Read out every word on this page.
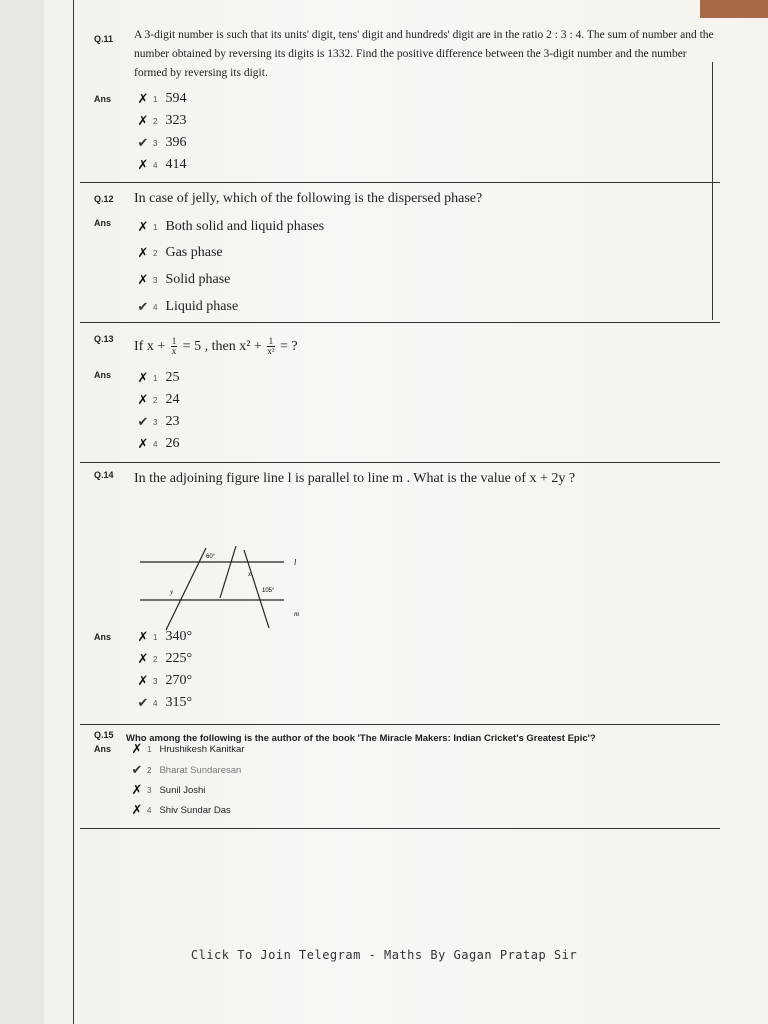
Q.11 A 3-digit number is such that its units' digit, tens' digit and hundreds' digit are in the ratio 2 : 3 : 4. The sum of number and the number obtained by reversing its digits is 1332. Find the positive difference between the 3-digit number and the number formed by reversing its digit.
Ans ✗ 1 594
✗ 2 323
✔ 3 396
✗ 4 414
Q.12 In case of jelly, which of the following is the dispersed phase?
Ans ✗ 1 Both solid and liquid phases
✗ 2 Gas phase
✗ 3 Solid phase
✔ 4 Liquid phase
Q.13 If $x + \frac{1}{x} = 5$ , then $x^2 + \frac{1}{\text{x²}}$ = ?
Ans ✗ 1 25
✗ 2 24
✔ 3 23
✗ 4 26
Q.14 In the adjoining figure line l is parallel to line m . What is the value of x + 2y ?
60°
105°
x
y
l
m
Ans ✗ 1 340°
✗ 2 225°
✗ 3 270°
✔ 4 315°
Q.15 Who among the following is the author of the book 'The Miracle Makers: Indian Cricket's Greatest Epic'?
Ans ✗ 1 Hrushikesh Kanitkar
✔ 2 Bharat Sundaresan
✗ 3 Sunil Joshi
✗ 4 Shiv Sundar Das
Click To Join Telegram - Maths By Gagan Pratap Sir
